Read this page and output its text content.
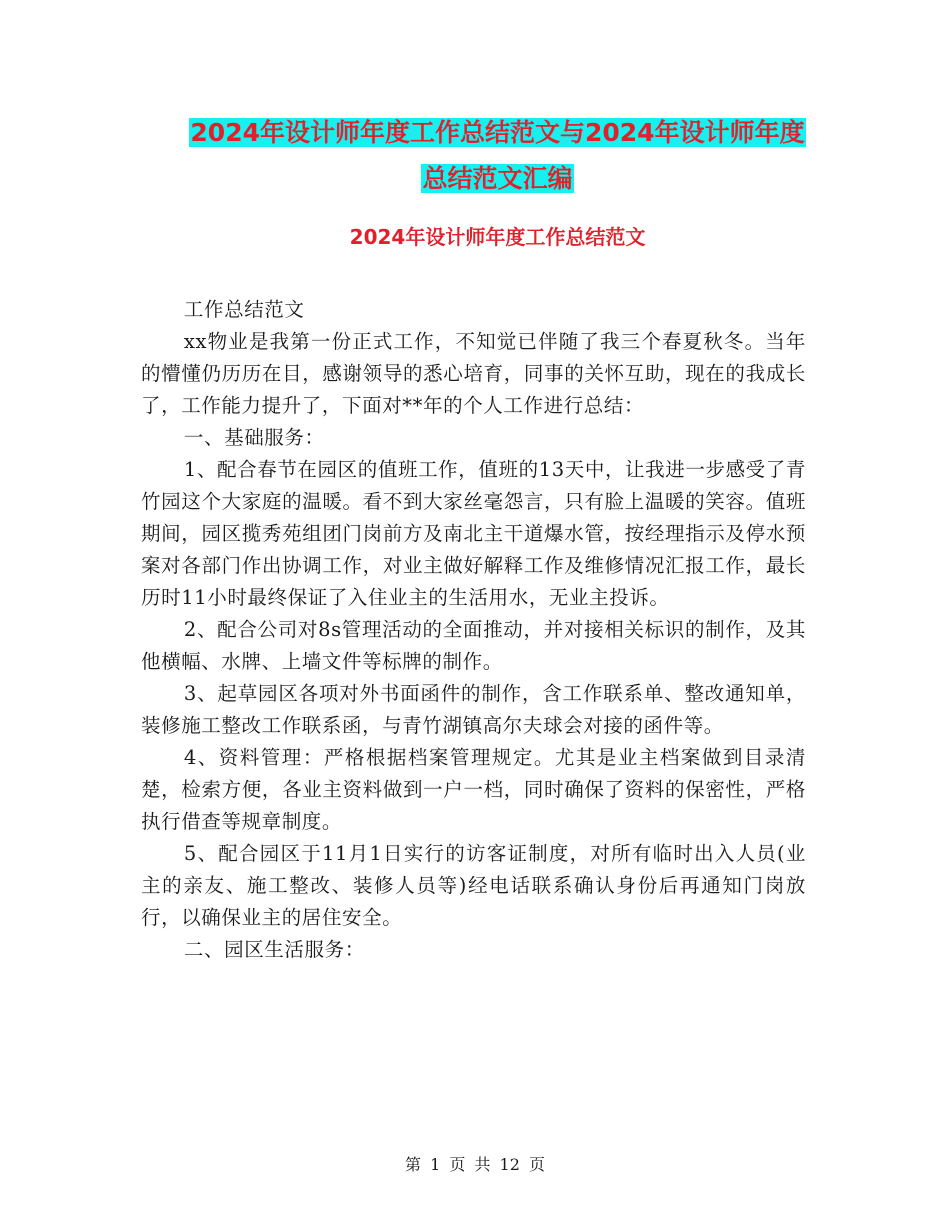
2024年设计师年度工作总结范文与2024年设计师年度
总结范文汇编
2024年设计师年度工作总结范文

工作总结范文

xx物业是我第一份正式工作，不知觉已伴随了我三个春夏秋冬。当年的懵懂仍历历在目，感谢领导的悉心培育，同事的关怀互助，现在的我成长了，工作能力提升了，下面对**年的个人工作进行总结：

一、基础服务：

1、配合春节在园区的值班工作，值班的13天中，让我进一步感受了青竹园这个大家庭的温暖。看不到大家丝毫怨言，只有脸上温暖的笑容。值班期间，园区揽秀苑组团门岗前方及南北主干道爆水管，按经理指示及停水预案对各部门作出协调工作，对业主做好解释工作及维修情况汇报工作，最长历时11小时最终保证了入住业主的生活用水，无业主投诉。

2、配合公司对8s管理活动的全面推动，并对接相关标识的制作，及其他横幅、水牌、上墙文件等标牌的制作。

3、起草园区各项对外书面函件的制作，含工作联系单、整改通知单，装修施工整改工作联系函，与青竹湖镇高尔夫球会对接的函件等。

4、资料管理：严格根据档案管理规定。尤其是业主档案做到目录清楚，检索方便，各业主资料做到一户一档，同时确保了资料的保密性，严格执行借查等规章制度。

5、配合园区于11月1日实行的访客证制度，对所有临时出入人员(业主的亲友、施工整改、装修人员等)经电话联系确认身份后再通知门岗放行，以确保业主的居住安全。

二、园区生活服务：

第 1 页 共 12 页
